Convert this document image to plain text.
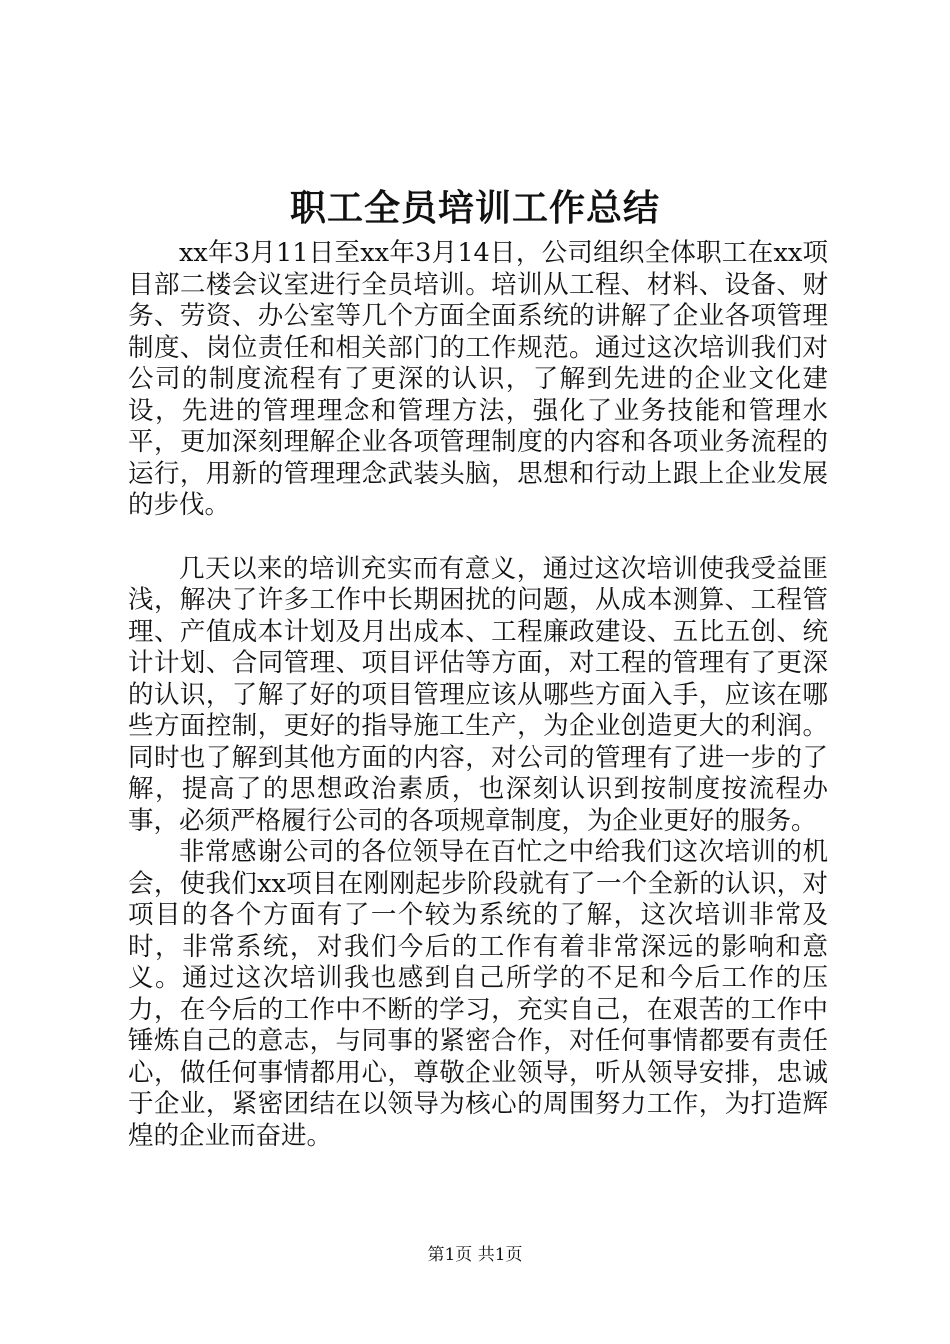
职工全员培训工作总结

xx年3月11日至xx年3月14日，公司组织全体职工在xx项目部二楼会议室进行全员培训。培训从工程、材料、设备、财务、劳资、办公室等几个方面全面系统的讲解了企业各项管理制度、岗位责任和相关部门的工作规范。通过这次培训我们对公司的制度流程有了更深的认识，了解到先进的企业文化建设，先进的管理理念和管理方法，强化了业务技能和管理水平，更加深刻理解企业各项管理制度的内容和各项业务流程的运行，用新的管理理念武装头脑，思想和行动上跟上企业发展的步伐。

几天以来的培训充实而有意义，通过这次培训使我受益匪浅，解决了许多工作中长期困扰的问题，从成本测算、工程管理、产值成本计划及月出成本、工程廉政建设、五比五创、统计计划、合同管理、项目评估等方面，对工程的管理有了更深的认识，了解了好的项目管理应该从哪些方面入手，应该在哪些方面控制，更好的指导施工生产，为企业创造更大的利润。同时也了解到其他方面的内容，对公司的管理有了进一步的了解，提高了的思想政治素质，也深刻认识到按制度按流程办事，必须严格履行公司的各项规章制度，为企业更好的服务。

非常感谢公司的各位领导在百忙之中给我们这次培训的机会，使我们xx项目在刚刚起步阶段就有了一个全新的认识，对项目的各个方面有了一个较为系统的了解，这次培训非常及时，非常系统，对我们今后的工作有着非常深远的影响和意义。通过这次培训我也感到自己所学的不足和今后工作的压力，在今后的工作中不断的学习，充实自己，在艰苦的工作中锤炼自己的意志，与同事的紧密合作，对任何事情都要有责任心，做任何事情都用心，尊敬企业领导，听从领导安排，忠诚于企业，紧密团结在以领导为核心的周围努力工作，为打造辉煌的企业而奋进。

第1页 共1页
